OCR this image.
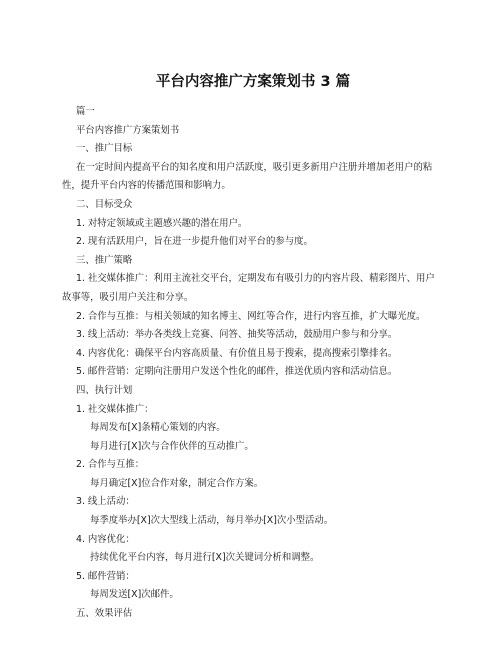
平台内容推广方案策划书 3 篇

篇一

平台内容推广方案策划书

一、推广目标

在一定时间内提高平台的知名度和用户活跃度，吸引更多新用户注册并增加老用户的粘性，提升平台内容的传播范围和影响力。

二、目标受众

1. 对特定领域或主题感兴趣的潜在用户。

2. 现有活跃用户，旨在进一步提升他们对平台的参与度。

三、推广策略

1. 社交媒体推广：利用主流社交平台，定期发布有吸引力的内容片段、精彩图片、用户故事等，吸引用户关注和分享。

2. 合作与互推：与相关领域的知名博主、网红等合作，进行内容互推，扩大曝光度。

3. 线上活动：举办各类线上竞赛、问答、抽奖等活动，鼓励用户参与和分享。

4. 内容优化：确保平台内容高质量、有价值且易于搜索，提高搜索引擎排名。

5. 邮件营销：定期向注册用户发送个性化的邮件，推送优质内容和活动信息。

四、执行计划

1. 社交媒体推广：

每周发布[X]条精心策划的内容。

每月进行[X]次与合作伙伴的互动推广。

2. 合作与互推：

每月确定[X]位合作对象，制定合作方案。

3. 线上活动：

每季度举办[X]次大型线上活动，每月举办[X]次小型活动。

4. 内容优化：

持续优化平台内容，每月进行[X]次关键词分析和调整。

5. 邮件营销：

每周发送[X]次邮件。

五、效果评估
